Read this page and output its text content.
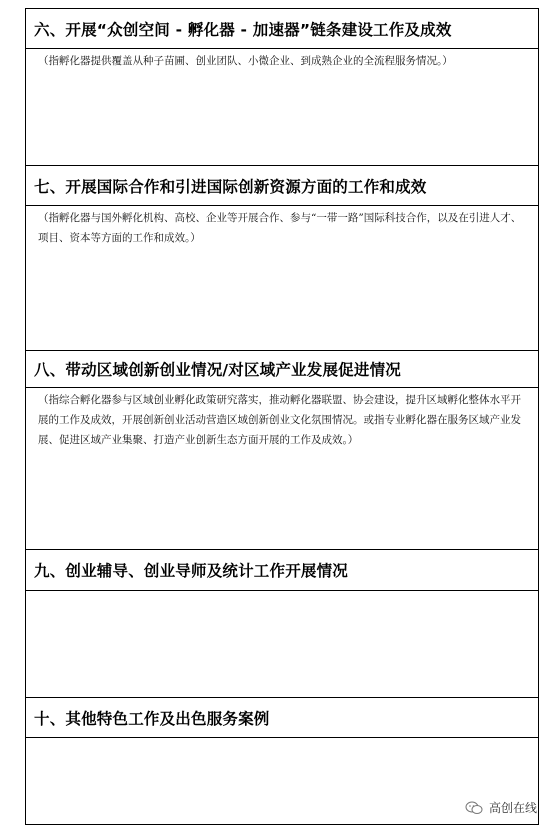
六、开展“众创空间 - 孵化器 - 加速器”链条建设工作及成效
（指孵化器提供覆盖从种子苗圃、创业团队、小微企业、到成熟企业的全流程服务情况。）
七、开展国际合作和引进国际创新资源方面的工作和成效
（指孵化器与国外孵化机构、高校、企业等开展合作、参与“一带一路”国际科技合作，以及在引进人才、项目、资本等方面的工作和成效。）
八、带动区域创新创业情况/对区域产业发展促进情况
（指综合孵化器参与区域创业孵化政策研究落实，推动孵化器联盟、协会建设，提升区域孵化整体水平开展的工作及成效，开展创新创业活动营造区域创新创业文化氛围情况。或指专业孵化器在服务区域产业发展、促进区域产业集聚、打造产业创新生态方面开展的工作及成效。）
九、创业辅导、创业导师及统计工作开展情况
十、其他特色工作及出色服务案例
高创在线
